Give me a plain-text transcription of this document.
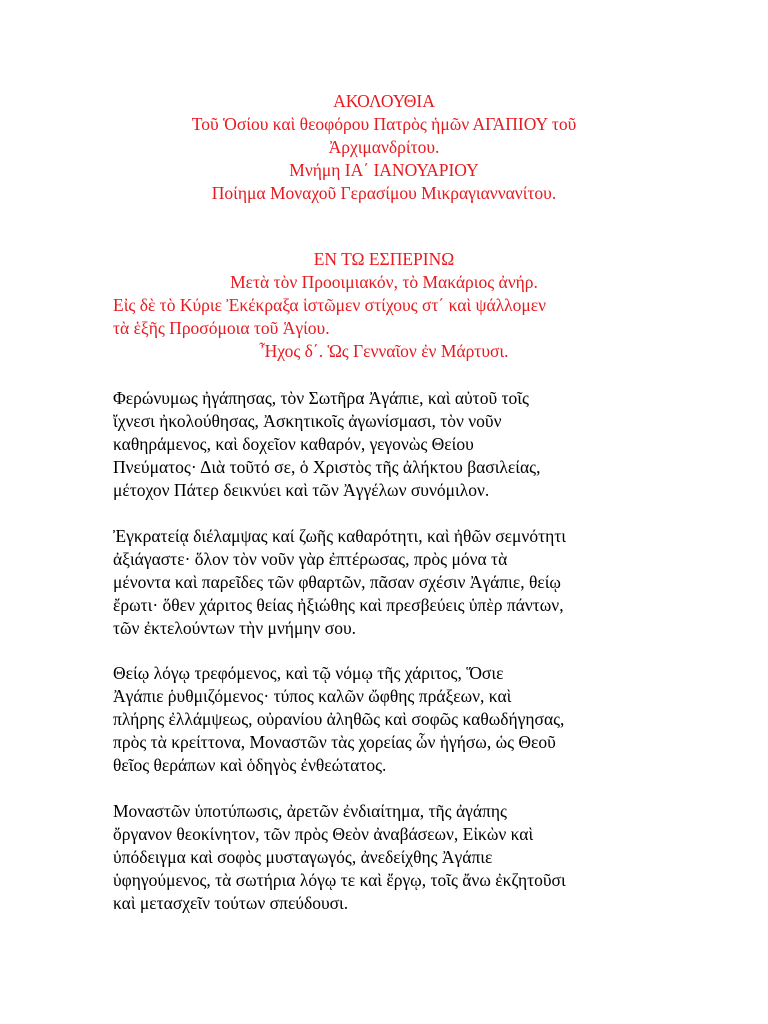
ΑΚΟΛΟΥΘΙΑ
Τοῦ Ὁσίου καὶ θεοφόρου Πατρὸς ἡμῶν ΑΓΑΠΙΟΥ τοῦ
Ἀρχιμανδρίτου.
Μνήμη ΙΑ΄ ΙΑΝΟΥΑΡΙΟΥ
Ποίημα Μοναχοῦ Γερασίμου Μικραγιαννανίτου.
ΕΝ ΤΩ ΕΣΠΕΡΙΝΩ
Μετὰ τὸν Προοιμιακόν, τὸ Μακάριος ἀνήρ.
Εἰς δὲ τὸ Κύριε Ἐκέκραξα ἱστῶμεν στίχους στ΄ καὶ ψάλλομεν
τὰ ἑξῆς Προσόμοια τοῦ Ἁγίου.
Ἦχος δ΄. Ὡς Γενναῖον ἐν Μάρτυσι.
Φερώνυμως ἠγάπησας, τὸν Σωτῆρα Ἀγάπιε, καὶ αὐτοῦ τοῖς
ἴχνεσι ἠκολούθησας, Ἀσκητικοῖς ἀγωνίσμασι, τὸν νοῦν
καθηράμενος, καὶ δοχεῖον καθαρόν, γεγονὼς Θείου
Πνεύματος· Διὰ τοῦτό σε, ὁ Χριστὸς τῆς ἀλήκτου βασιλείας,
μέτοχον Πάτερ δεικνύει καὶ τῶν Ἀγγέλων συνόμιλον.
Ἐγκρατείᾳ διέλαμψας καί ζωῆς καθαρότητι, καὶ ἠθῶν σεμνότητι
ἀξιάγαστε· ὅλον τὸν νοῦν γὰρ ἐπτέρωσας, πρὸς μόνα τὰ
μένοντα καὶ παρεῖδες τῶν φθαρτῶν, πᾶσαν σχέσιν Ἀγάπιε, θείῳ
ἔρωτι· ὅθεν χάριτος θείας ἠξιώθης καὶ πρεσβεύεις ὑπὲρ πάντων,
τῶν ἐκτελούντων τὴν μνήμην σου.
Θείῳ λόγῳ τρεφόμενος, καὶ τῷ νόμῳ τῆς χάριτος, Ὅσιε
Ἀγάπιε ῥυθμιζόμενος· τύπος καλῶν ὤφθης πράξεων, καὶ
πλήρης ἐλλάμψεως, οὐρανίου ἀληθῶς καὶ σοφῶς καθωδήγησας,
πρὸς τὰ κρείττονα, Μοναστῶν τὰς χορείας ὧν ἡγήσω, ὡς Θεοῦ
θεῖος θεράπων καὶ ὁδηγὸς ἐνθεώτατος.
Μοναστῶν ὑποτύπωσις, ἀρετῶν ἐνδιαίτημα, τῆς ἀγάπης
ὄργανον θεοκίνητον, τῶν πρὸς Θεὸν ἀναβάσεων, Εἰκὼν καὶ
ὑπόδειγμα καὶ σοφὸς μυσταγωγός, ἀνεδείχθης Ἀγάπιε
ὑφηγούμενος, τὰ σωτήρια λόγῳ τε καὶ ἔργῳ, τοῖς ἄνω ἐκζητοῦσι
καὶ μετασχεῖν τούτων σπεύδουσι.
